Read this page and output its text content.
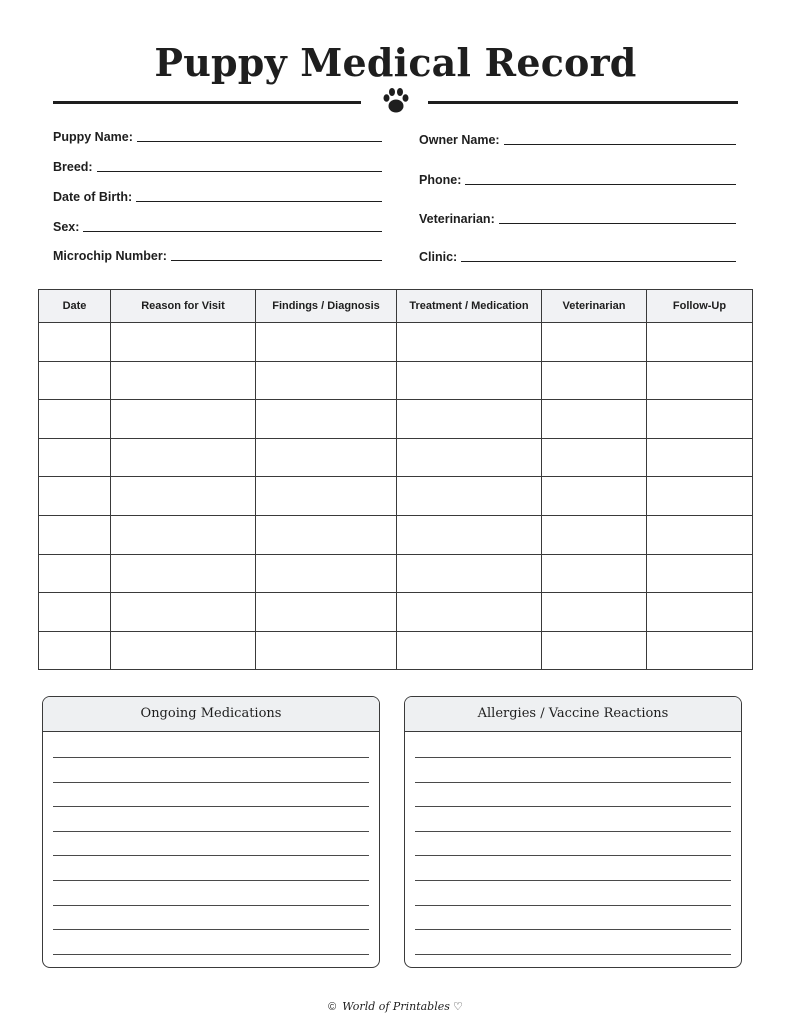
Puppy Medical Record
Puppy Name:
Breed:
Date of Birth:
Sex:
Microchip Number:
Owner Name:
Phone:
Veterinarian:
Clinic:
Date	Reason for Visit	Findings / Diagnosis	Treatment / Medication	Veterinarian	Follow-Up

Ongoing Medications	Allergies / Vaccine Reactions
© World of Printables ♡
